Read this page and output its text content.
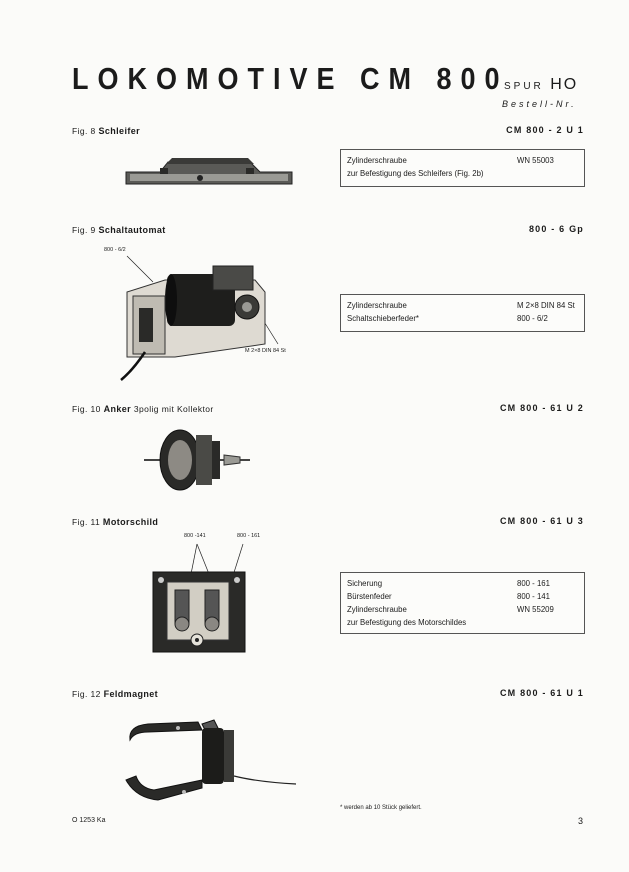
LOKOMOTIVE CM 800
SPUR HO
Bestell-Nr.
Fig. 8 Schleifer	CM 800 - 2 U 1
Zylinderschraube	WN 55003
zur Befestigung des Schleifers (Fig. 2b)
Fig. 9 Schaltautomat	800 - 6 Gp
800 - 6/2
M 2×8 DIN 84 St
Zylinderschraube	M 2×8 DIN 84 St
Schaltschieberfeder*	800 - 6/2
Fig. 10 Anker 3polig mit Kollektor	CM 800 - 61 U 2
Fig. 11 Motorschild	CM 800 - 61 U 3
800 -141	800 - 161
Sicherung	800 - 161
Bürstenfeder	800 - 141
Zylinderschraube	WN 55209
zur Befestigung des Motorschildes
Fig. 12 Feldmagnet	CM 800 - 61 U 1
* werden ab 10 Stück geliefert.
O 1253 Ka	3
